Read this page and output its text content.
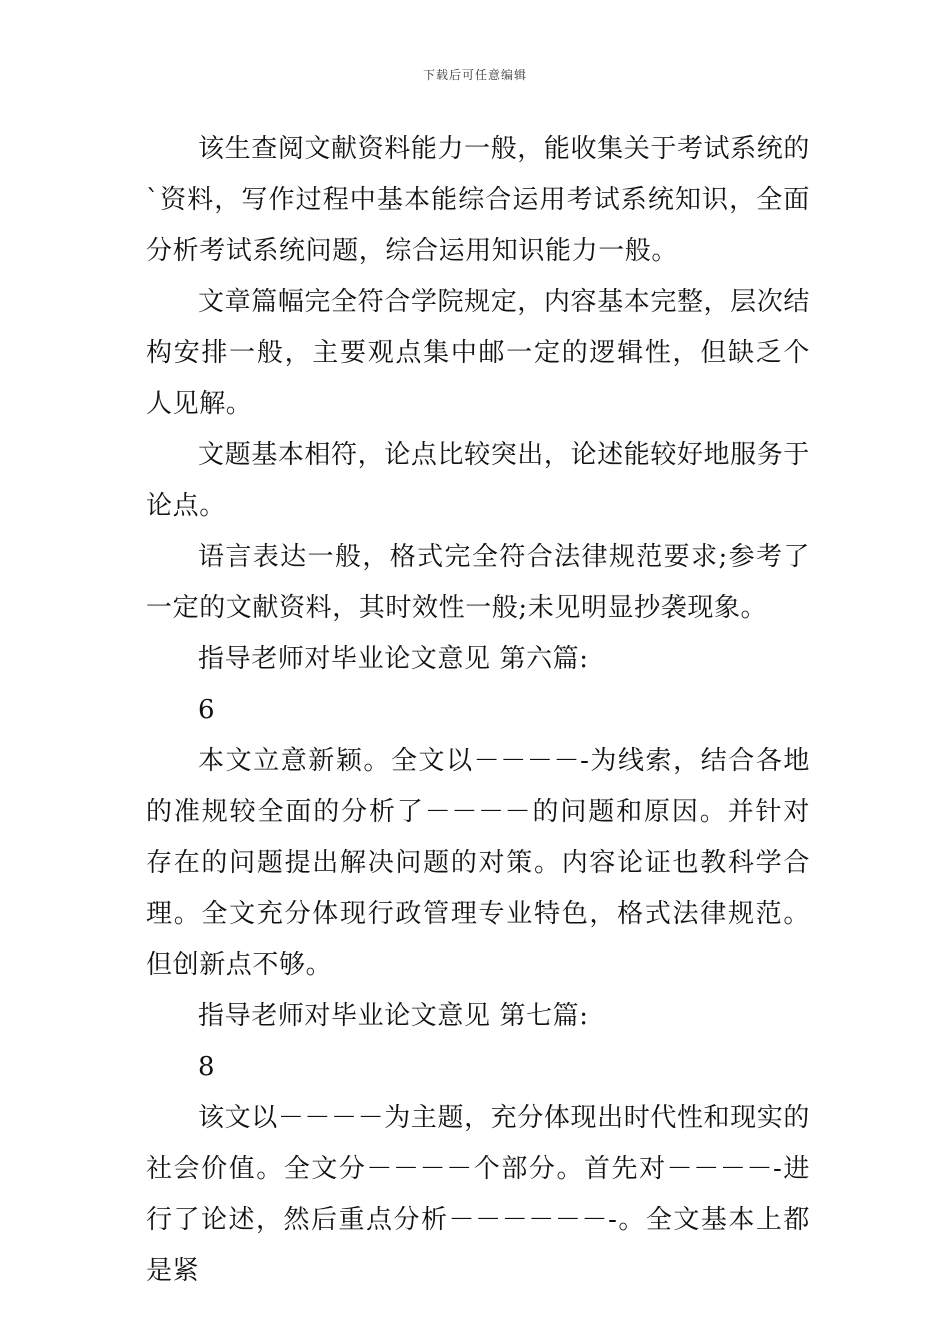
下载后可任意编辑

该生查阅文献资料能力一般，能收集关于考试系统的`资料，写作过程中基本能综合运用考试系统知识，全面分析考试系统问题，综合运用知识能力一般。

文章篇幅完全符合学院规定，内容基本完整，层次结构安排一般，主要观点集中邮一定的逻辑性，但缺乏个人见解。

文题基本相符，论点比较突出，论述能较好地服务于论点。

语言表达一般，格式完全符合法律规范要求;参考了一定的文献资料，其时效性一般;未见明显抄袭现象。

指导老师对毕业论文意见 第六篇:

6

本文立意新颖。全文以－－－－-为线索，结合各地的准规较全面的分析了－－－－的问题和原因。并针对存在的问题提出解决问题的对策。内容论证也教科学合理。全文充分体现行政管理专业特色，格式法律规范。但创新点不够。

指导老师对毕业论文意见 第七篇:

8

该文以－－－－为主题，充分体现出时代性和现实的社会价值。全文分－－－－个部分。首先对－－－－-进行了论述，然后重点分析－－－－－－-。全文基本上都是紧
